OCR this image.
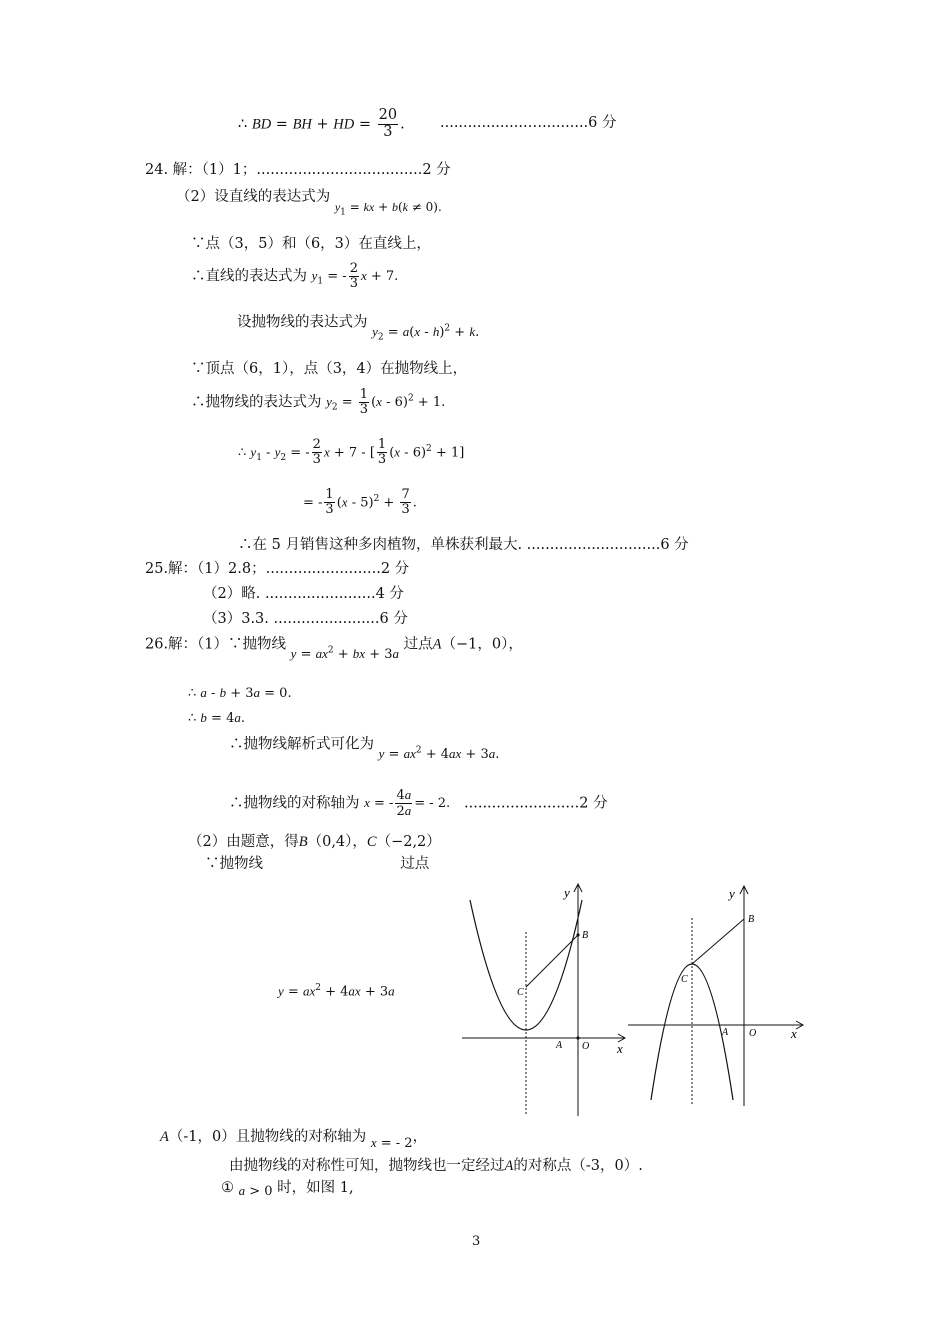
∴ BD = BH + HD = $\frac{20}{3}$ . ...................…..........6 分
24. 解：（1）1；....................................2 分
（2）设直线的表达式为 $_{y_1 = kx + b(k \ne 0).}$
∵点（3，5）和（6，3）在直线上，
∴直线的表达式为 $y_1$ = - $\frac{2}{3}$ x + 7.
设抛物线的表达式为 $y_2 = a(x - h)^2 + k$.
∵顶点（6，1），点（3，4）在抛物线上，
∴抛物线的表达式为 $y_2 = \frac{1}{3} (x - 6)^2 + 1$.
∴ $y_1 - y_2$ = - $\frac{2}{3}$ x + 7 - [ $\frac{1}{3} (x - 6)^2 + 1$]
= - $\frac{1}{3} (x - 5)^2 + \frac{7}{3}$ .
∴在 5 月销售这种多肉植物，单株获利最大. .............................6 分
25.解：（1）2.8；.........................2 分
（2）略. ........................4 分
（3）3.3. .......................6 分
26.解：（1）∵抛物线 $y = ax^2$ + bx + 3a 过点A（−1，0），
∴ a - b + 3a = 0.
∴ b = 4a.
∴抛物线解析式可化为 $y = ax^2 + 4ax + 3a$.
∴抛物线的对称轴为 x = - $\frac{4a}{2a}$ = - 2. .........................2 分
（2）由题意，得B（0,4），C（−2,2）
∵抛物线	过点
$y = ax^2 + 4ax + 3a$
y
B
C
A O x
y
B
C
A O	x
A（-1，0）且抛物线的对称轴为 x = - 2，
由抛物线的对称性可知，抛物线也一定经过A的对称点（-3，0）.
① a > 0 时，如图 1,
3
